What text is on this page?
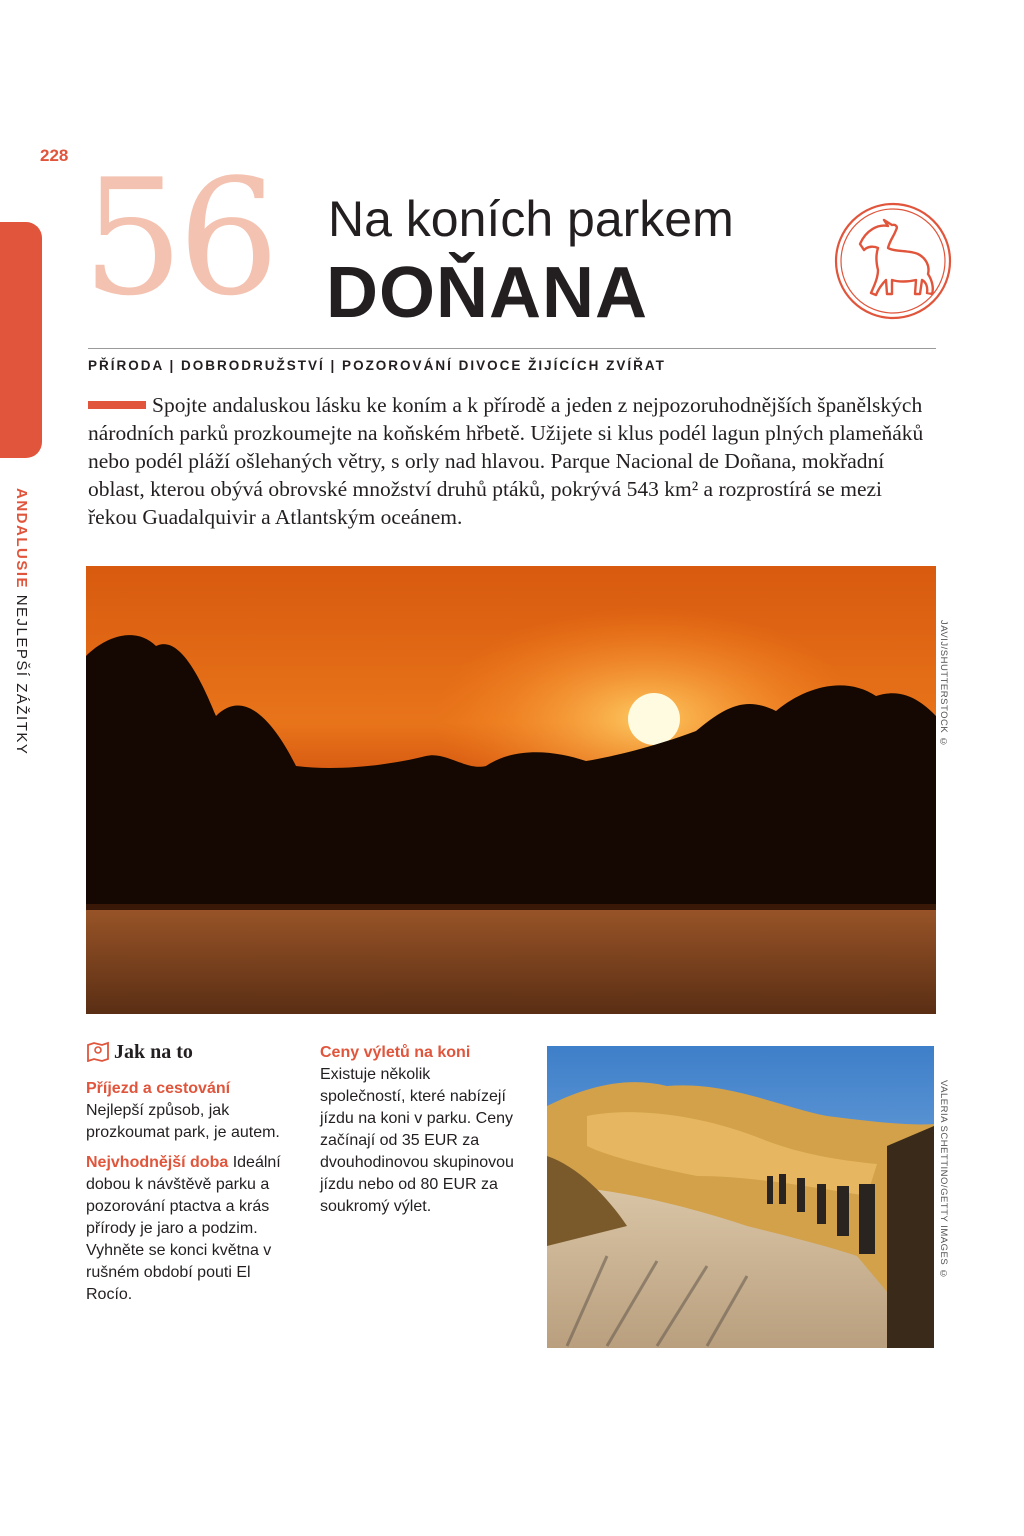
228
ANDALUSIE NEJLEPŠÍ ZÁŽITKY
56 Na koních parkem
DOŇANA
PŘÍRODA | DOBRODRUŽSTVÍ | POZOROVÁNÍ DIVOCE ŽIJÍCÍCH ZVÍŘAT
Spojte andaluskou lásku ke koním a k přírodě a jeden z nejpozoruhodnějších španělských národních parků prozkoumejte na koňském hřbetě. Užijete si klus podél lagun plných plameňáků nebo podél pláží ošlehaných větry, s orly nad hlavou. Parque Nacional de Doñana, mokřadní oblast, kterou obývá obrovské množství druhů ptáků, pokrývá 543 km² a rozprostírá se mezi řekou Guadalquivir a Atlantským oceánem.
JAVIJ/SHUTTERSTOCK ©
Jak na to

Příjezd a cestování Nejlepší způsob, jak prozkoumat park, je autem.

Nejvhodnější doba Ideální dobou k návštěvě parku a pozorování ptactva a krás přírody je jaro a podzim. Vyhněte se konci května v rušném období pouti El Rocío.

Ceny výletů na koni Existuje několik společností, které nabízejí jízdu na koni v parku. Ceny začínají od 35 EUR za dvouhodinovou skupinovou jízdu nebo od 80 EUR za soukromý výlet.	VALERIA SCHETTINO/GETTY IMAGES ©
